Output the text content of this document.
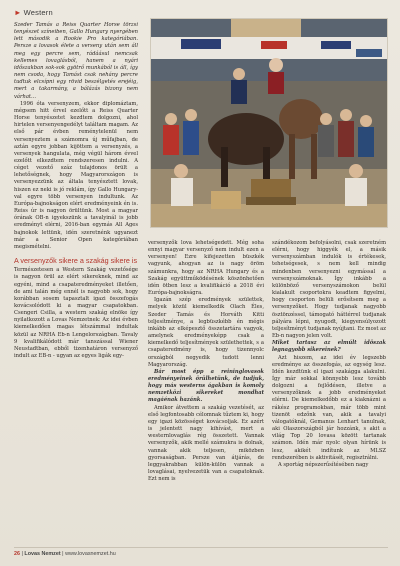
► Western

Szeder Tamás a Reiss Quarter Horse törzsi tenyészet színeiben, Gallo Hungary nyergében lett második a Rookie Pro kategóriában. Persze a lovasok élete a verseny után sem áll meg egy percre sem, rádáásul nemcsak kellemes lovaglásból, hanem a nyári időszakban sok-sok gyötrő munkából is áll, így nem csoda, hogy Tamást csak nehány percre tudtuk elcsípni egy rövid beszélgetés erejéig, mert a takarmány, a bálázás bizony nem várhat...

1996 óta versenyzem, ekkor diplomáztam, mégsem hitt érvel ezelőtt a Reiss Quarter Horse tenyészetet kezdtem dolgozni, ahol hirtelen versenyengedélyt találtam magam. Az első pár évben reménytelenül nem versenyeztem a számomra új műfajban, de aztán egyre jobban kijöttem a versenyzés, a versenyek hangulata, még végül három évvel ezelőtt elkezdtem rendszeresen indulni. A céget vezető száz tulajdonos örült a lehetőségnek, hogy Magyarországon is versenyezzünk az általa tenyésztett lovak, hiszen ez neki is jó reklám, így Gallo Hungary-val egyre több versenyen indultunk. Az Európa-bajnokságon elért eredményeink én is. Reiss úr is nagyon örültünk. Most a magyar órának OB-n igyekszünk a tavalyinál is jobb eredményt elérni, 2016-ban egymás All Ages bajnokok lettünk, idén szeretnénk ugyanezt már a Senior Open kategóriában megismételni.

A versenyzők sikere a szakág sikere is

Természetesen a Western Szakág vezetősége is nagyon örül az elért sikereknek, mind az egyéni, mind a csapateredményeket illetően, de ami talán még ennél is nagyobb sok, hogy korábban sosem tapasztalt igazi összefogás kovácsolódott ki a magyar csapatokban. Csengeri Csilla, a western szakág elnöke így nyilatkozott a Lovas Nemzetnek: Az idei évben kiemelkedően magas létszámmal indultak közül az NRHA Eb-n Lengelországban. Tavaly 9 kvalifikálódott már tanszással Wiener Neustadtban, ebből tizenhatáron versenyző indult az EB-n - ugyan az egyes ligák egy-

versenyzők lova lehetségedett. Még soha ennyi magyar versenyző nem indult ezen a versenyen! Ezre kifejezetten büszkék vagyunk, ahogyan az is nagy öröm számunkra, hogy az NRHA Hungary és a Szakág együttműködésének köszönhetően idén ötben lesz a kvalifikáció a 2018 évi Európa-bajnokságra.

Igazán szép eredmények születtek, melyek közül kiemelkedik Olach Éles, Szeder Tamás és Horváth Kitti teljesítménye, a legbüszkébb én mégis inkább az elképesztő összetartára vagyok, amelynek eredményeképp csak a kiemelkedő teljesítmények születhettek, s a csapateredmény is, hogy tizennyolc országból negyedik tudott lenni Magyarország.

Bár most épp a reininglovasok eredményeinek örülhetünk, de tudjuk, hogy más westerns ágakban is komoly nemzetközi sikereket mondhat magáénak hazánk.

Amikor átvettem a szakág vezetését, az első legfontosabb célomnak tűztem ki, hogy egy igazi közösséget kovácsoljak. Ez azért is jelentett nagy kihívást, mert a westernlovaglás rég összetett. Vannak versenyzők, akik mellé számukra is dolnak, vannak akik teljesen, miközben gyorsaságban. Persze van átjárás, de leggyakrabban külön-külön vannak a lovaglásai, nyelvezetük van a csapatoknak. Ezt nem is

szándékozom befolyásolni, csak szeretném elérni, hogy higgyék el, a másik versenyszámban indulók is értékesek, tehetségesek, s nem kell mindig mindenben versenyezni egymással a versenyszámoknak. Így inkább a különböző versenyszámokon belül kialakult csoportokra keadtem figyelmi, hogy csoporton belüli erősítsem meg a versenyzőket. Hogy tudjanak nagyobb ösztönzéssel, támogató háttérrel tudjanak pályára lépni, nyugodt, kiegyensúlyozott teljesítményt tudjanak nyújtani. Ez most az Eb-n nagyon jelen volt.

Miket tartasz az elmúlt időszak legnagyobb sikereinek?

Azt hiszem, az idei év legszebb eredménye az összefogás, az egység lesz. Idén kezdtünk el igazi szakágga alakulni. Így már sokkal könnyebb lesz tovább dolgozni a fejlődésen, illetve a versenyzőknek a jobb eredményeket elérni. De kiemelkedőbb ez a kiaknázni a rákész programokban, már több mint tizenöt edzőnk van, akik a tavalyi válogatóknál, Gemanus Lenhart tanulnak, aki Olaszországból jár hozzánk, s akit a világ Top 20 lovasa között tartanak számon. Idén már nyolc olyan hírünk is lesz, akikét indítunk az MLSZ rendszerében is aktivitásét, regisztrálni.

A sportág népszerűsítésében nagy

26 | Lovas Nemzet | www.lovasnemzet.hu
